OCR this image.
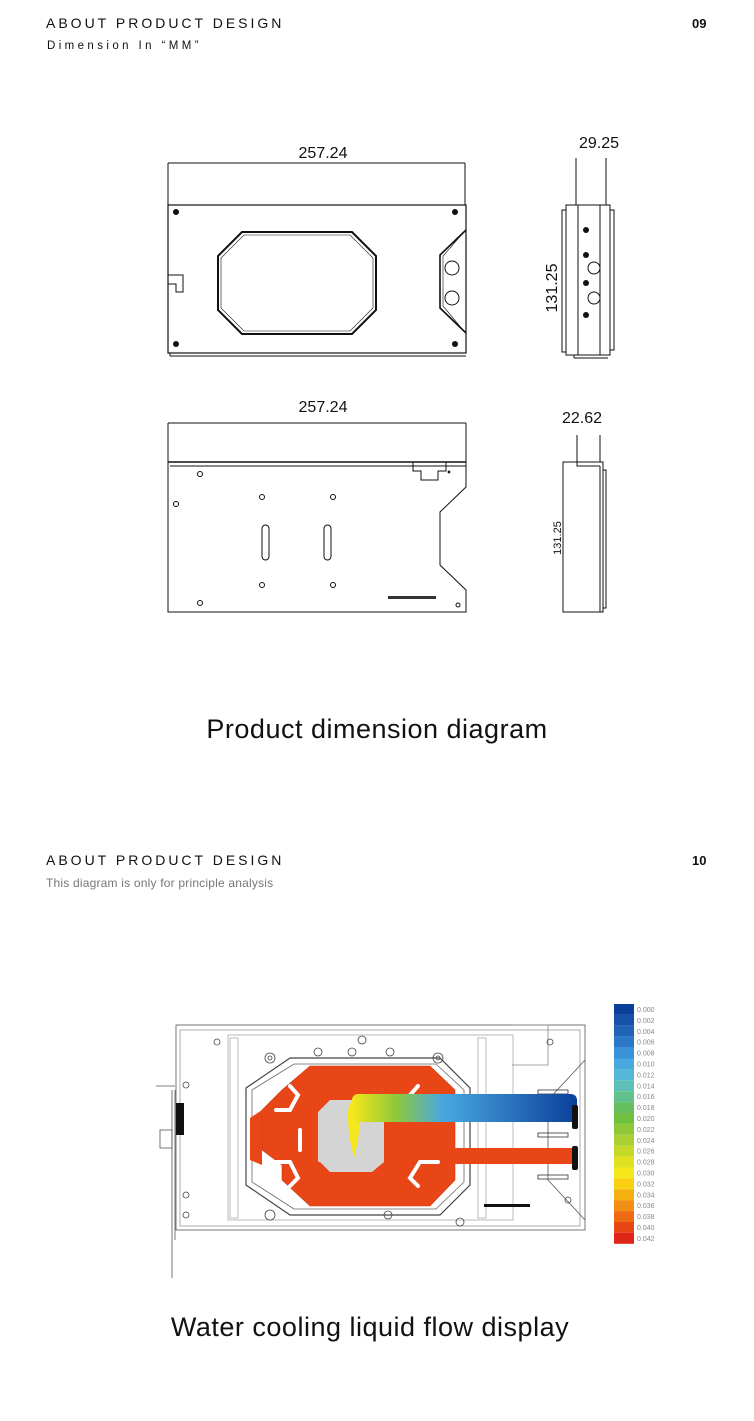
ABOUT PRODUCT DESIGN
Dimension In “MM”
09
257.24
29.25
131.25
257.24
22.62
131.25
Product dimension diagram
ABOUT PRODUCT DESIGN
This diagram is only for principle analysis
10
0.000
0.002
0.004
0.006
0.008
0.010
0.012
0.014
0.016
0.018
0.020
0.022
0.024
0.026
0.028
0.030
0.032
0.034
0.036
0.038
0.040
0.042
Water cooling liquid flow display
